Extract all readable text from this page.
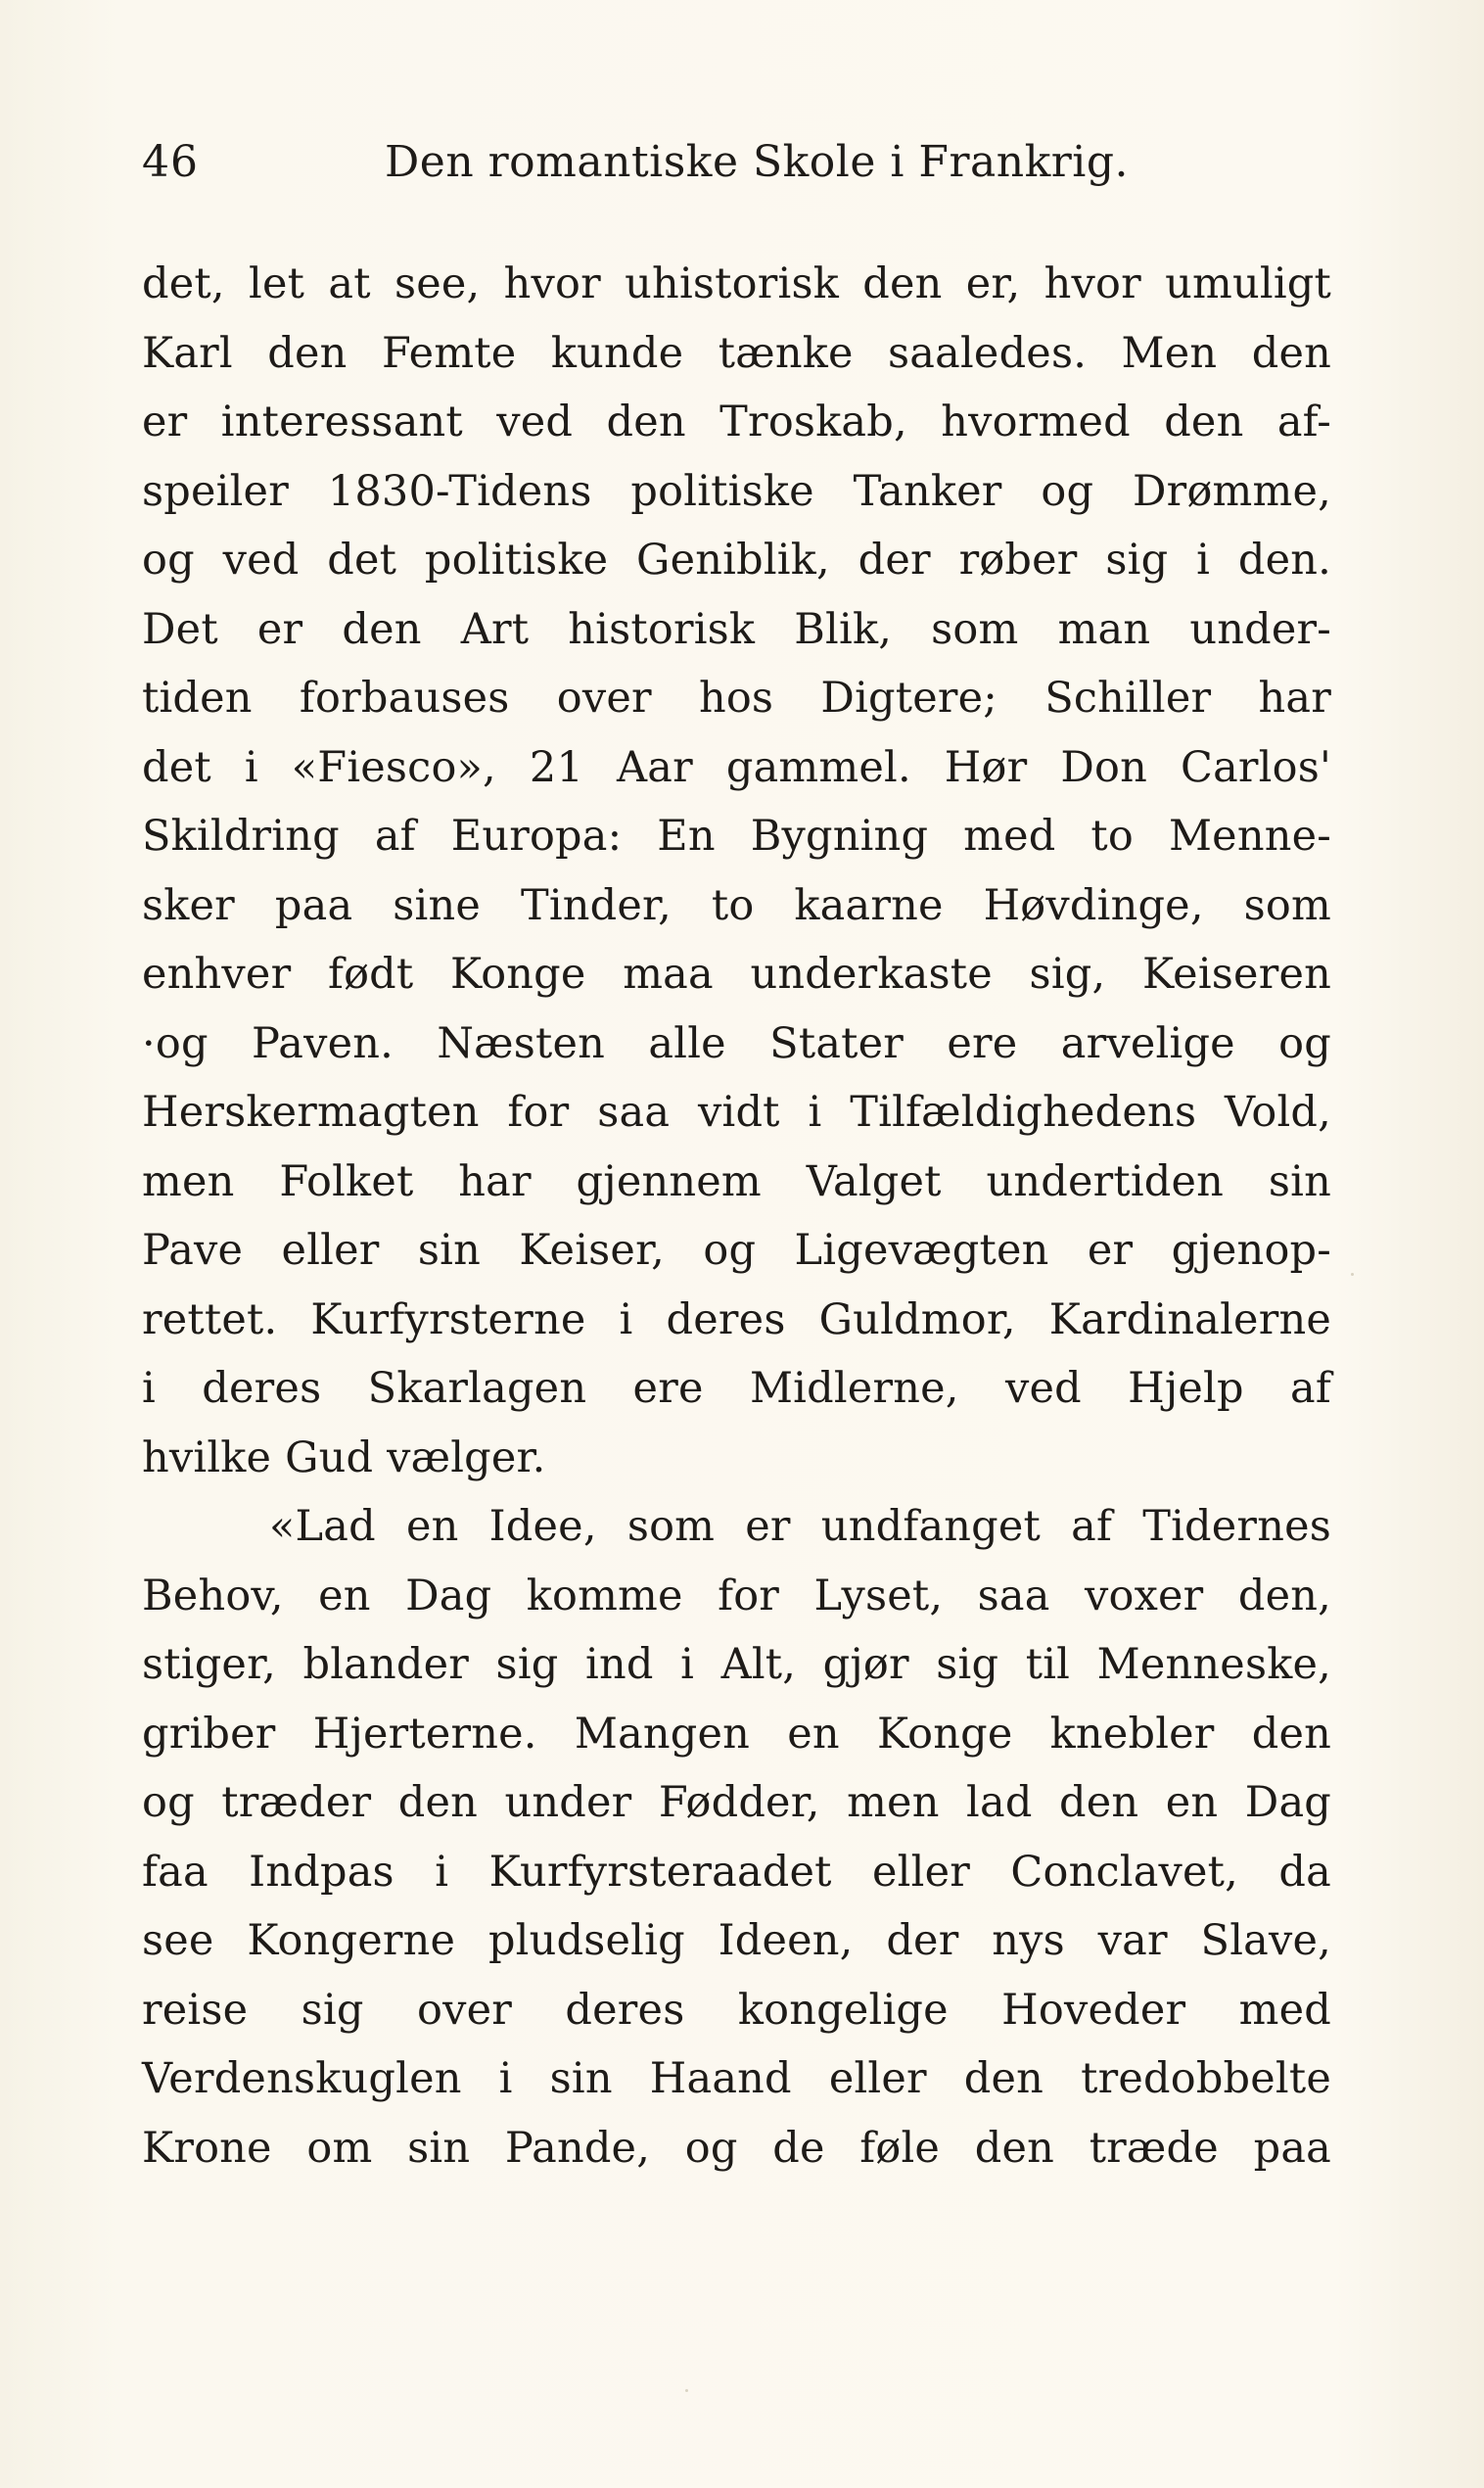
46	Den romantiske Skole i Frankrig.
det, let at see, hvor uhistorisk den er, hvor umuligt
Karl den Femte kunde tænke saaledes. Men den
er interessant ved den Troskab, hvormed den af-
speiler 1830-Tidens politiske Tanker og Drømme,
og ved det politiske Geniblik, der røber sig i den.
Det er den Art historisk Blik, som man under-
tiden forbauses over hos Digtere; Schiller har
det i «Fiesco», 21 Aar gammel. Hør Don Carlos'
Skildring af Europa: En Bygning med to Menne-
sker paa sine Tinder, to kaarne Høvdinge, som
enhver født Konge maa underkaste sig, Keiseren
·og Paven. Næsten alle Stater ere arvelige og
Herskermagten for saa vidt i Tilfældighedens Vold,
men Folket har gjennem Valget undertiden sin
Pave eller sin Keiser, og Ligevægten er gjenop-
rettet. Kurfyrsterne i deres Guldmor, Kardinalerne
i deres Skarlagen ere Midlerne, ved Hjelp af
hvilke Gud vælger.
«Lad en Idee, som er undfanget af Tidernes
Behov, en Dag komme for Lyset, saa voxer den,
stiger, blander sig ind i Alt, gjør sig til Menneske,
griber Hjerterne. Mangen en Konge knebler den
og træder den under Fødder, men lad den en Dag
faa Indpas i Kurfyrsteraadet eller Conclavet, da
see Kongerne pludselig Ideen, der nys var Slave,
reise sig over deres kongelige Hoveder med
Verdenskuglen i sin Haand eller den tredobbelte
Krone om sin Pande, og de føle den træde paa
